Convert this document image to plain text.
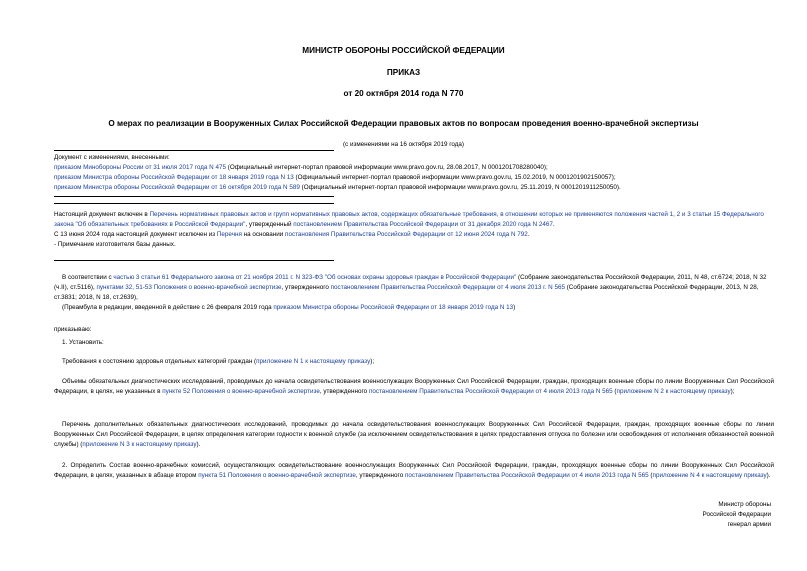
МИНИСТР ОБОРОНЫ РОССИЙСКОЙ ФЕДЕРАЦИИ
ПРИКАЗ
от 20 октября 2014 года N 770
О мерах по реализации в Вооруженных Силах Российской Федерации правовых актов по вопросам проведения военно-врачебной экспертизы
(с изменениями на 16 октября 2019 года)
Документ с изменениями, внесенными:
приказом Минобороны России от 31 июля 2017 года N 475 (Официальный интернет-портал правовой информации www.pravo.gov.ru, 28.08.2017, N 0001201708280040);
приказом Министра обороны Российской Федерации от 18 января 2019 года N 13 (Официальный интернет-портал правовой информации www.pravo.gov.ru, 15.02.2019, N 0001201902150057);
приказом Министра обороны Российской Федерации от 16 октября 2019 года N 589 (Официальный интернет-портал правовой информации www.pravo.gov.ru, 25.11.2019, N 0001201911250050).
Настоящий документ включен в Перечень нормативных правовых актов и групп нормативных правовых актов, содержащих обязательные требования, в отношении которых не применяются положения частей 1, 2 и 3 статьи 15 Федерального закона "Об обязательных требованиях в Российской Федерации", утвержденный постановлением Правительства Российской Федерации от 31 декабря 2020 года N 2467.
С 13 июня 2024 года настоящий документ исключен из Перечня на основании постановления Правительства Российской Федерации от 12 июня 2024 года N 792.
- Примечание изготовителя базы данных.
В соответствии с частью 3 статьи 61 Федерального закона от 21 ноября 2011 г. N 323-ФЗ "Об основах охраны здоровья граждан в Российской Федерации" (Собрание законодательства Российской Федерации, 2011, N 48, ст.6724; 2018, N 32 (ч.II), ст.5116), пунктами 32, 51-53 Положения о военно-врачебной экспертизе, утвержденного постановлением Правительства Российской Федерации от 4 июля 2013 г. N 565 (Собрание законодательства Российской Федерации, 2013, N 28, ст.3831; 2018, N 18, ст.2639),
(Преамбула в редакции, введенной в действие с 26 февраля 2019 года приказом Министра обороны Российской Федерации от 18 января 2019 года N 13)
приказываю:
1. Установить:
Требования к состоянию здоровья отдельных категорий граждан (приложение N 1 к настоящему приказу);
Объемы обязательных диагностических исследований, проводимых до начала освидетельствования военнослужащих Вооруженных Сил Российской Федерации, граждан, проходящих военные сборы по линии Вооруженных Сил Российской Федерации, в целях, не указанных в пункте 52 Положения о военно-врачебной экспертизе, утвержденного постановлением Правительства Российской Федерации от 4 июля 2013 года N 565 (приложение N 2 к настоящему приказу);
Перечень дополнительных обязательных диагностических исследований, проводимых до начала освидетельствования военнослужащих Вооруженных Сил Российской Федерации, граждан, проходящих военные сборы по линии Вооруженных Сил Российской Федерации, в целях определения категории годности к военной службе (за исключением освидетельствования в целях предоставления отпуска по болезни или освобождения от исполнения обязанностей военной службы) (приложение N 3 к настоящему приказу).
2. Определить Состав военно-врачебных комиссий, осуществляющих освидетельствование военнослужащих Вооруженных Сил Российской Федерации, граждан, проходящих военные сборы по линии Вооруженных Сил Российской Федерации, в целях, указанных в абзаце втором пункта 51 Положения о военно-врачебной экспертизе, утвержденного постановлением Правительства Российской Федерации от 4 июля 2013 года N 565 (приложение N 4 к настоящему приказу).
Министр обороны
Российской Федерации
генерал армии
